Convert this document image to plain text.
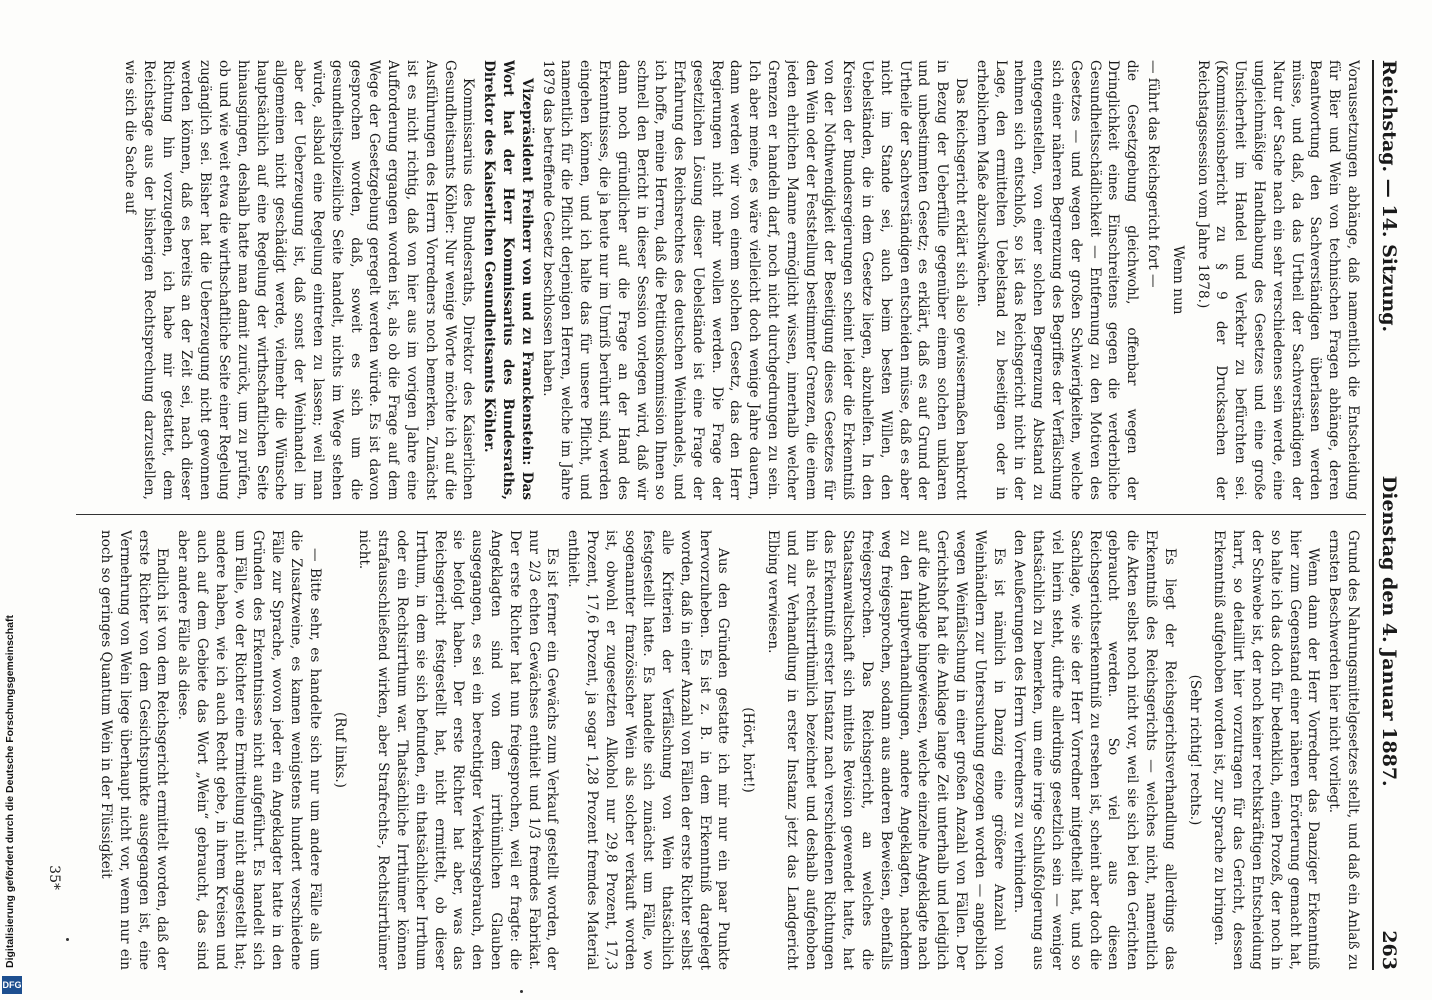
Reichstag. — 14. Sitzung.
Dienstag den 4. Januar 1887.
263

Voraussetzungen abhänge, daß namentlich die Entscheidung für Bier und Wein von technischen Fragen abhänge, deren Beantwortung den Sachverständigen überlassen werden müsse, und daß, da das Urtheil der Sachverständigen der Natur der Sache nach ein sehr verschiedenes sein werde, eine ungleichmäßige Handhabung des Gesetzes und eine große Unsicherheit im Handel und Verkehr zu befürchten sei. (Kommissionsbericht zu § 9 der Drucksachen der Reichstagssession vom Jahre 1878.)

Wenn nun

— führt das Reichsgericht fort —

die Gesetzgebung gleichwohl, offenbar wegen der Dringlichkeit eines Einschreitens gegen die verderbliche Gesundheitsschädlichkeit — Entfernung zu den Motiven des Gesetzes — und wegen der großen Schwierigkeiten, welche sich einer näheren Begrenzung des Begriffes der Verfälschung entgegenstellen, von einer solchen Begrenzung Abstand zu nehmen sich entschloß, so ist das Reichsgericht nicht in der Lage, den ermittelten Uebelstand zu beseitigen oder in erheblichem Maße abzuschwächen.

Das Reichsgericht erklärt sich also gewissermaßen bankrott in Bezug der Ueberfülle gegenüber einem solchen unklaren und unbestimmten Gesetz; es erklärt, daß es auf Grund der Urtheile der Sachverständigen entscheiden müsse, daß es aber nicht im Stande sei, auch beim besten Willen, den Uebelständen, die in dem Gesetze liegen, abzuhelfen. In den Kreisen der Bundesregierungen scheint leider die Erkenntniß von der Nothwendigkeit der Beseitigung dieses Gesetzes für den Wein oder der Feststellung bestimmter Grenzen, die einem jeden ehrlichen Manne ermöglicht wissen, innerhalb welcher Grenzen er handeln darf, noch nicht durchgedrungen zu sein. Ich aber meine, es wäre vielleicht doch wenige Jahre dauern, dann werden wir von einem solchen Gesetz, das den Herr Regierungen nicht mehr wollen werden. Die Frage der gesetzlichen Lösung dieser Uebelstände ist eine Frage der Erfahrung des Reichsrechtes des deutschen Weinhandels, und ich hoffe, meine Herren, daß die Petitionskommission Ihnen so schnell den Bericht in dieser Session vorlegen wird, daß wir dann noch gründlicher auf die Frage an der Hand des Erkenntnisses, die ja heute nur im Umriß berührt sind, werden eingehen können, und ich halte das für unsere Pflicht, und namentlich für die Pflicht derjenigen Herren, welche im Jahre 1879 das betreffende Gesetz beschlossen haben.

Vizepräsident Freiherr von und zu Franckenstein: Das Wort hat der Herr Kommissarius des Bundesraths, Direktor des Kaiserlichen Gesundheitsamts Köhler.

Kommissarius des Bundesraths, Direktor des Kaiserlichen Gesundheitsamts Köhler: Nur wenige Worte möchte ich auf die Ausführungen des Herrn Vorredners noch bemerken. Zunächst ist es nicht richtig, daß von hier aus im vorigen Jahre eine Aufforderung ergangen worden ist, als ob die Frage auf dem Wege der Gesetzgebung geregelt werden würde. Es ist davon gesprochen worden, daß, soweit es sich um die gesundheitspolizeiliche Seite handelt, nichts im Wege stehen würde, alsbald eine Regelung eintreten zu lassen; weil man aber der Ueberzeugung ist, daß sonst der Weinhandel im allgemeinen nicht geschädigt werde, vielmehr die Wünsche hauptsächlich auf eine Regelung der wirthschaftlichen Seite hinausgingen, deshalb hatte man damit zurück, um zu prüfen, ob und wie weit etwa die wirthschaftliche Seite einer Regelung zugänglich sei. Bisher hat die Ueberzeugung nicht gewonnen werden können, daß es bereits an der Zeit sei, nach dieser Richtung hin vorzugehen, ich habe mir gestattet, dem Reichstage aus der bisherigen Rechtsprechung darzustellen, wie sich die Sache auf

Grund des Nahrungsmittelgesetzes stellt, und daß ein Anlaß zu ernsten Beschwerden hier nicht vorliegt.

Wenn dann der Herr Vorredner das Danziger Erkenntniß hier zum Gegenstand einer näheren Erörterung gemacht hat, so halte ich das doch für bedenklich, einen Prozeß, der noch in der Schwebe ist, der noch keiner rechtskräftigen Entscheidung harrt, so detaillirt hier vorzutragen für das Gericht, dessen Erkenntniß aufgehoben worden ist, zur Sprache zu bringen.

(Sehr richtig! rechts.)

Es liegt der Reichsgerichtsverhandlung allerdings das Erkenntniß des Reichsgerichts — welches nicht, namentlich die Akten selbst noch nicht vor, weil sie sich bei den Gerichten gebraucht werden. So viel aus diesen Reichsgerichtserkenntniß zu ersehen ist, scheint aber doch die Sachlage, wie sie der Herr Vorredner mitgetheilt hat, und so viel hierin steht, dürfte allerdings gesetzlich sein — weniger thatsächlich zu bemerken, um eine irrige Schlußfolgerung aus den Aeußerungen des Herrn Vorredners zu verhindern.

Es ist nämlich in Danzig eine größere Anzahl von Weinhändlern zur Untersuchung gezogen worden — angeblich wegen Weinfälschung in einer großen Anzahl von Fällen. Der Gerichtshof hat die Anklage lange Zeit unterhalb und lediglich auf die Anklage hingewiesen, welche einzelne Angeklagte nach zu den Hauptverhandlungen, andere Angeklagten, nachdem weg freigesprochen, sodann aus anderen Beweisen, ebenfalls freigesprochen. Das Reichsgericht, an welches die Staatsanwaltschaft sich mittels Revision gewendet hatte, hat das Erkenntniß erster Instanz nach verschiedenen Richtungen hin als rechtsirrthümlich bezeichnet und deshalb aufgehoben und zur Verhandlung in erster Instanz jetzt das Landgericht Elbing verwiesen.

(Hört, hört!)

Aus den Gründen gestatte ich mir nur ein paar Punkte hervorzuheben. Es ist z. B. in dem Erkenntniß dargelegt worden, daß in einer Anzahl von Fällen der erste Richter selbst alle Kriterien der Verfälschung von Wein thatsächlich festgestellt hatte. Es handelte sich zunächst um Fälle, wo sogenannter französischer Wein als solcher verkauft worden ist, obwohl er zugesetzten Alkohol nur 29,8 Prozent, 17,3 Prozent, 17,6 Prozent, ja sogar 1,28 Prozent fremdes Material enthielt.

Es ist ferner ein Gewächs zum Verkauf gestellt worden, der nur 2/3 echten Gewächses enthielt und 1/3 fremdes Fabrikat. Der erste Richter hat nun freigesprochen, weil er fragte: die Angeklagten sind von dem irrthümlichen Glauben ausgegangen, es sei ein berechtigter Verkehrsgebrauch, den sie befolgt haben. Der erste Richter hat aber, was das Reichsgericht festgestellt hat, nicht ermittelt, ob dieser Irrthum, in dem sie sich befunden, ein thatsächlicher Irrthum oder ein Rechtsirrthum war. Thatsächliche Irrthümer können strafausschließend wirken, aber Strafrechts-, Rechtsirrthümer nicht.

(Ruf links.)

— Bitte sehr, es handelte sich nur um andere Fälle als um die Zusatzweine, es kamen wenigstens hundert verschiedene Fälle zur Sprache, wovon jeder ein Angeklagter hatte in den Gründen des Erkenntnisses nicht aufgeführt. Es handelt sich um Fälle, wo der Richter eine Ermittelung nicht angestellt hat; andere haben, wie ich auch Recht gebe, in ihrem Kreisen und auch auf dem Gebiete das Wort „Wein“ gebraucht, das sind aber andere Fälle als diese.

Endlich ist von dem Reichsgericht ermittelt worden, daß der erste Richter von dem Gesichtspunkte ausgegangen ist, eine Vermehrung von Wein liege überhaupt nicht vor, wenn nur ein noch so geringes Quantum Wein in der Flüssigkeit

35*
Digitalisierung gefördert durch die Deutsche Forschungsgemeinschaft
DFG
